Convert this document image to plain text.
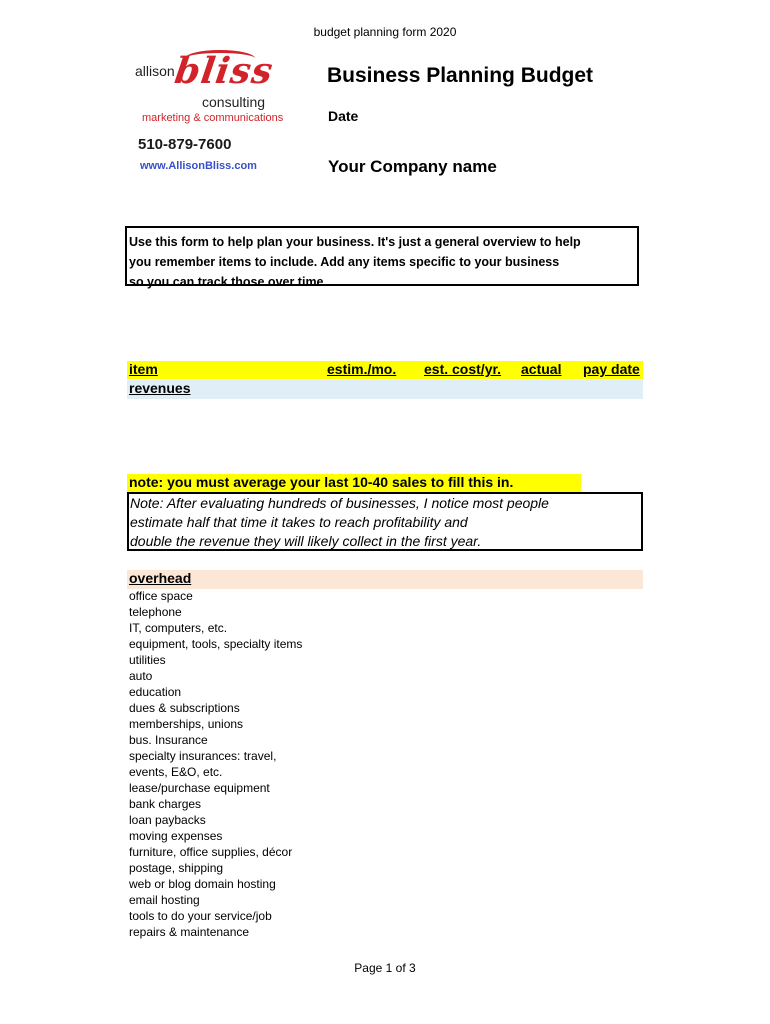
budget planning form 2020
allison
bliss
consulting
marketing & communications
510-879-7600
www.AllisonBliss.com
Business Planning Budget
Date
Your Company name
Use this form to help plan your business. It's just a general overview to help
you remember items to include. Add any items specific to your business
so you can track those over time.
item	estim./mo. est. cost/yr. actual pay date
revenues
note: you must average your last 10-40 sales to fill this in.
Note: After evaluating hundreds of businesses, I notice most people
estimate half that time it takes to reach profitability and
double the revenue they will likely collect in the first year.
overhead
office space
telephone
IT, computers, etc.
equipment, tools, specialty items
utilities
auto
education
dues & subscriptions
memberships, unions
bus. Insurance
specialty insurances: travel,
events, E&O, etc.
lease/purchase equipment
bank charges
loan paybacks
moving expenses
furniture, office supplies, décor
postage, shipping
web or blog domain hosting
email hosting
tools to do your service/job
repairs & maintenance
Page 1 of 3
